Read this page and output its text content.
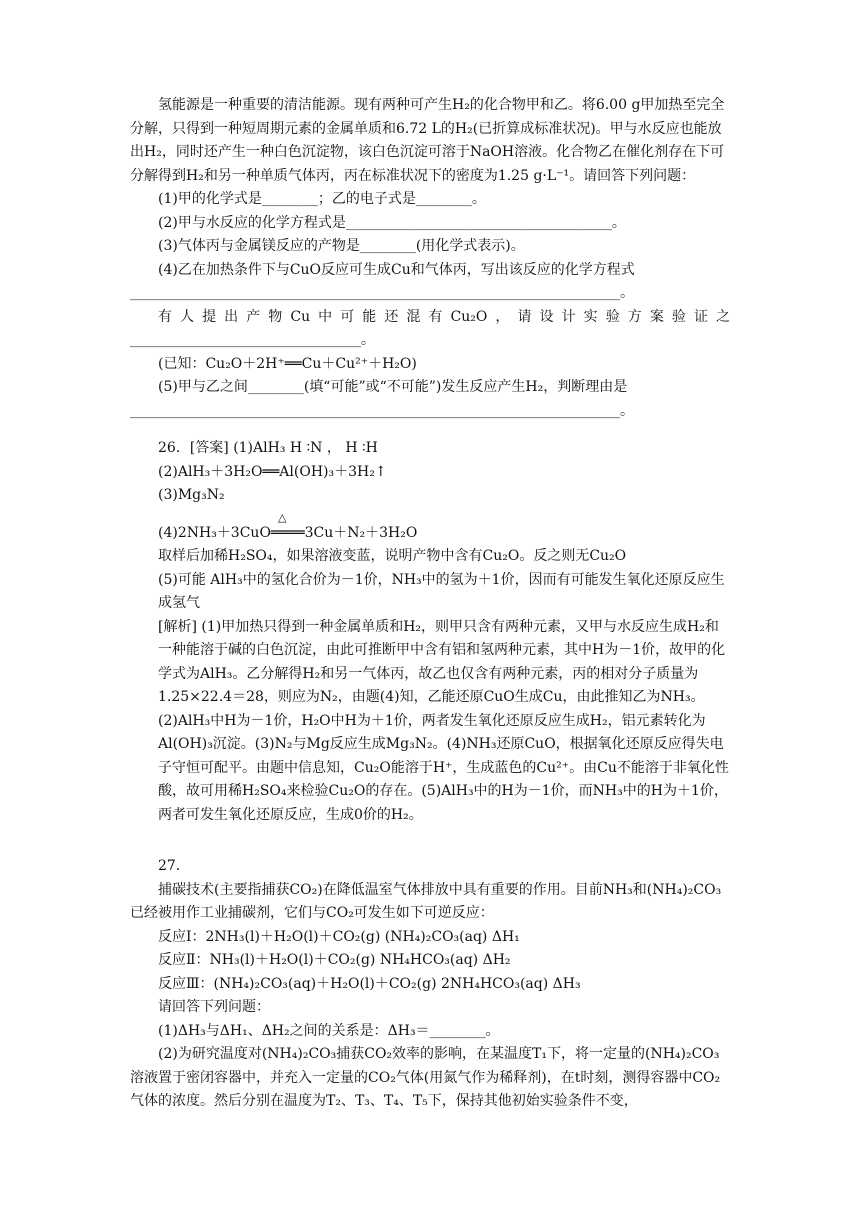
氢能源是一种重要的清洁能源。现有两种可产生H₂的化合物甲和乙。将6.00 g甲加热至完全分解，只得到一种短周期元素的金属单质和6.72 L的H₂(已折算成标准状况)。甲与水反应也能放出H₂，同时还产生一种白色沉淀物，该白色沉淀可溶于NaOH溶液。化合物乙在催化剂存在下可分解得到H₂和另一种单质气体丙，丙在标准状况下的密度为1.25 g·L⁻¹。请回答下列问题：

(1)甲的化学式是________；乙的电子式是________。

(2)甲与水反应的化学方程式是______________________________________。

(3)气体丙与金属镁反应的产物是________(用化学式表示)。

(4)乙在加热条件下与CuO反应可生成Cu和气体丙，写出该反应的化学方程式

______________________________________________________________________。

有人提出产物Cu中可能还混有Cu₂O，请设计实验方案验证之

_________________________________。

(已知：Cu₂O＋2H⁺══Cu＋Cu²⁺＋H₂O)

(5)甲与乙之间________(填“可能”或“不可能”)发生反应产生H₂，判断理由是

______________________________________________________________________。

26．[答案] (1)AlH₃ H ∶N ， H ∶H

(2)AlH₃＋3H₂O══Al(OH)₃＋3H₂↑

(3)Mg₃N₂

△

(4)2NH₃＋3CuO════3Cu＋N₂＋3H₂O

取样后加稀H₂SO₄，如果溶液变蓝，说明产物中含有Cu₂O。反之则无Cu₂O

(5)可能 AlH₃中的氢化合价为－1价，NH₃中的氢为＋1价，因而有可能发生氧化还原反应生成氢气

[解析] (1)甲加热只得到一种金属单质和H₂，则甲只含有两种元素，又甲与水反应生成H₂和一种能溶于碱的白色沉淀，由此可推断甲中含有铝和氢两种元素，其中H为－1价，故甲的化学式为AlH₃。乙分解得H₂和另一气体丙，故乙也仅含有两种元素，丙的相对分子质量为1.25×22.4＝28，则应为N₂，由题(4)知，乙能还原CuO生成Cu，由此推知乙为NH₃。(2)AlH₃中H为－1价，H₂O中H为＋1价，两者发生氧化还原反应生成H₂，铝元素转化为Al(OH)₃沉淀。(3)N₂与Mg反应生成Mg₃N₂。(4)NH₃还原CuO，根据氧化还原反应得失电子守恒可配平。由题中信息知，Cu₂O能溶于H⁺，生成蓝色的Cu²⁺。由Cu不能溶于非氧化性酸，故可用稀H₂SO₄来检验Cu₂O的存在。(5)AlH₃中的H为－1价，而NH₃中的H为＋1价，两者可发生氧化还原反应，生成0价的H₂。

27．

捕碳技术(主要指捕获CO₂)在降低温室气体排放中具有重要的作用。目前NH₃和(NH₄)₂CO₃已经被用作工业捕碳剂，它们与CO₂可发生如下可逆反应：

反应Ⅰ：2NH₃(l)＋H₂O(l)＋CO₂(g) (NH₄)₂CO₃(aq) ΔH₁

反应Ⅱ：NH₃(l)＋H₂O(l)＋CO₂(g) NH₄HCO₃(aq) ΔH₂

反应Ⅲ：(NH₄)₂CO₃(aq)＋H₂O(l)＋CO₂(g) 2NH₄HCO₃(aq) ΔH₃

请回答下列问题：

(1)ΔH₃与ΔH₁、ΔH₂之间的关系是：ΔH₃＝________。

(2)为研究温度对(NH₄)₂CO₃捕获CO₂效率的影响，在某温度T₁下，将一定量的(NH₄)₂CO₃溶液置于密闭容器中，并充入一定量的CO₂气体(用氮气作为稀释剂)，在t时刻，测得容器中CO₂气体的浓度。然后分别在温度为T₂、T₃、T₄、T₅下，保持其他初始实验条件不变，
